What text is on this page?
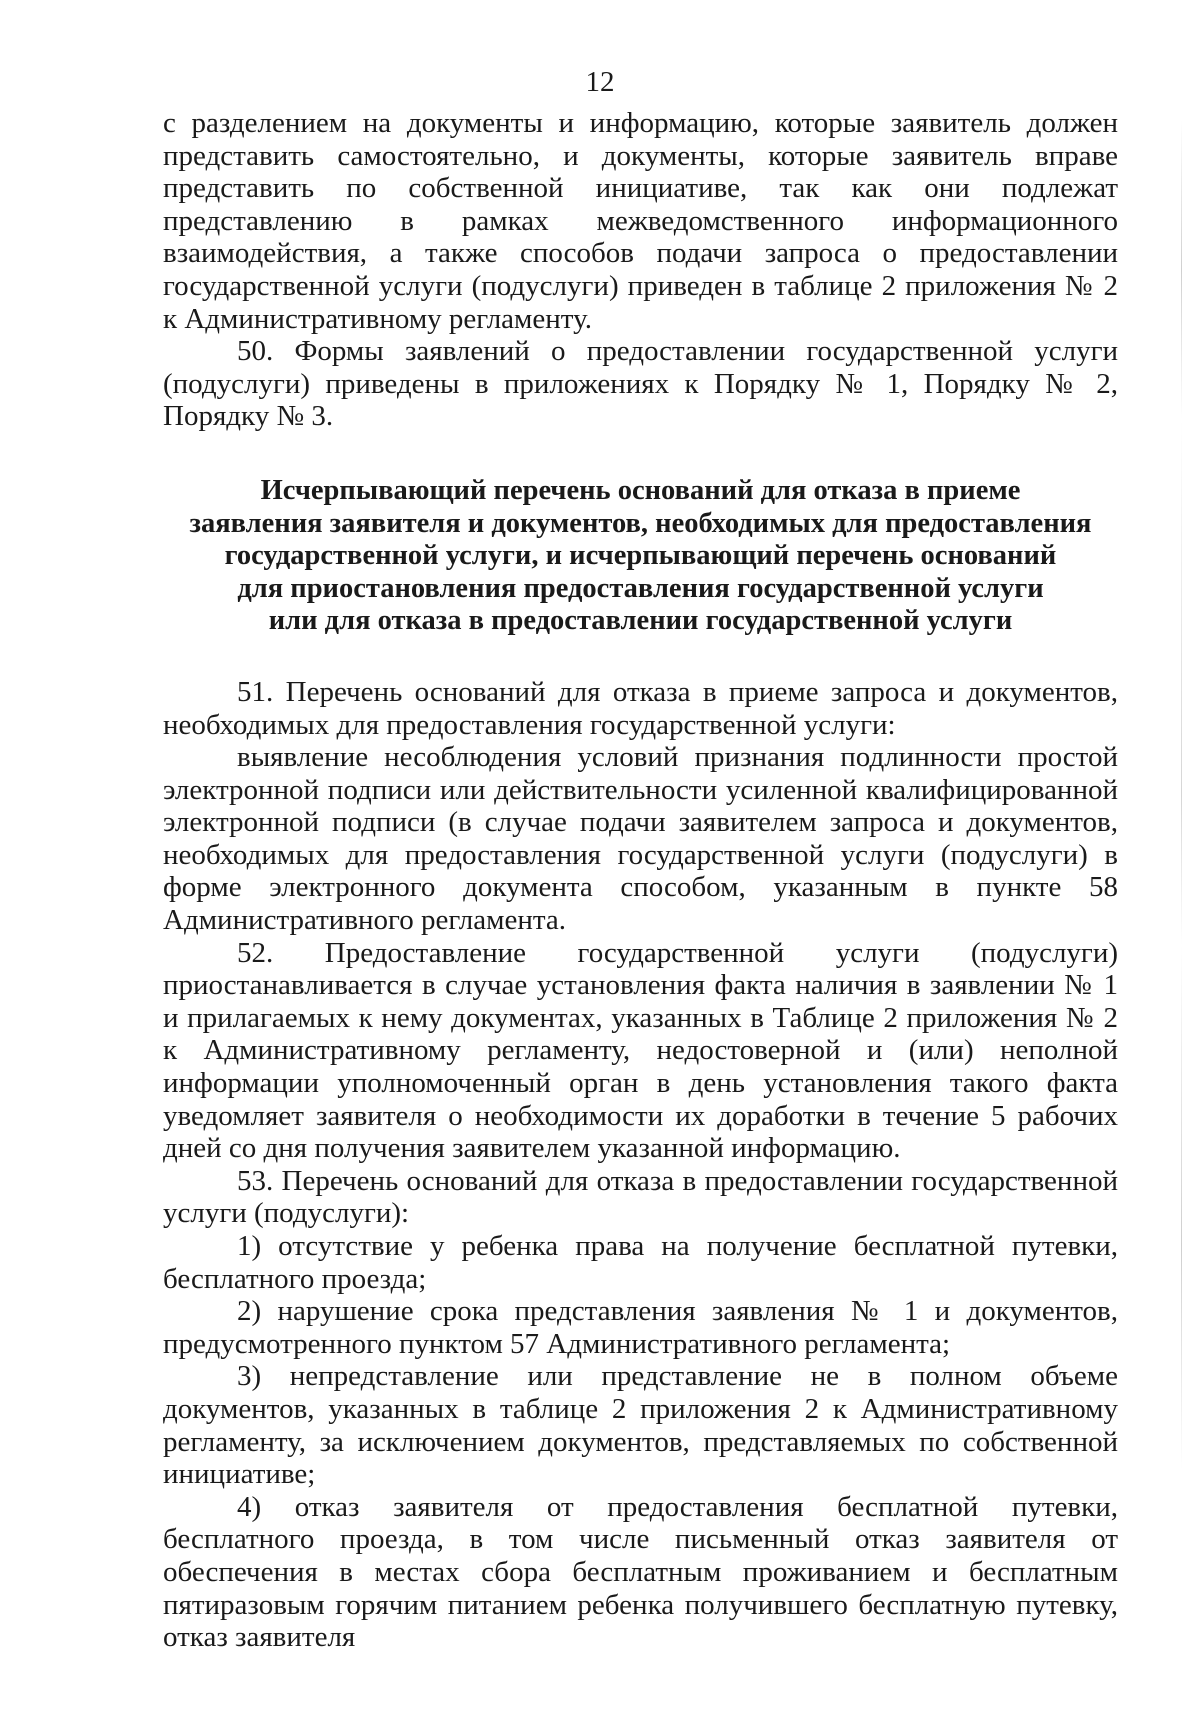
12

с разделением на документы и информацию, которые заявитель должен представить самостоятельно, и документы, которые заявитель вправе представить по собственной инициативе, так как они подлежат представлению в рамках межведомственного информационного взаимодействия, а также способов подачи запроса о предоставлении государственной услуги (подуслуги) приведен в таблице 2 приложения № 2 к Административному регламенту.

50. Формы заявлений о предоставлении государственной услуги (подуслуги) приведены в приложениях к Порядку № 1, Порядку № 2, Порядку № 3.

Исчерпывающий перечень оснований для отказа в приеме
заявления заявителя и документов, необходимых для предоставления
государственной услуги, и исчерпывающий перечень оснований
для приостановления предоставления государственной услуги
или для отказа в предоставлении государственной услуги

51. Перечень оснований для отказа в приеме запроса и документов, необходимых для предоставления государственной услуги:

выявление несоблюдения условий признания подлинности простой электронной подписи или действительности усиленной квалифицированной электронной подписи (в случае подачи заявителем запроса и документов, необходимых для предоставления государственной услуги (подуслуги) в форме электронного документа способом, указанным в пункте 58 Административного регламента.

52. Предоставление государственной услуги (подуслуги) приостанавливается в случае установления факта наличия в заявлении № 1 и прилагаемых к нему документах, указанных в Таблице 2 приложения № 2 к Административному регламенту, недостоверной и (или) неполной информации уполномоченный орган в день установления такого факта уведомляет заявителя о необходимости их доработки в течение 5 рабочих дней со дня получения заявителем указанной информацию.

53. Перечень оснований для отказа в предоставлении государственной услуги (подуслуги):

1) отсутствие у ребенка права на получение бесплатной путевки, бесплатного проезда;

2) нарушение срока представления заявления № 1 и документов, предусмотренного пунктом 57 Административного регламента;

3) непредставление или представление не в полном объеме документов, указанных в таблице 2 приложения 2 к Административному регламенту, за исключением документов, представляемых по собственной инициативе;

4) отказ заявителя от предоставления бесплатной путевки, бесплатного проезда, в том числе письменный отказ заявителя от обеспечения в местах сбора бесплатным проживанием и бесплатным пятиразовым горячим питанием ребенка получившего бесплатную путевку, отказ заявителя
